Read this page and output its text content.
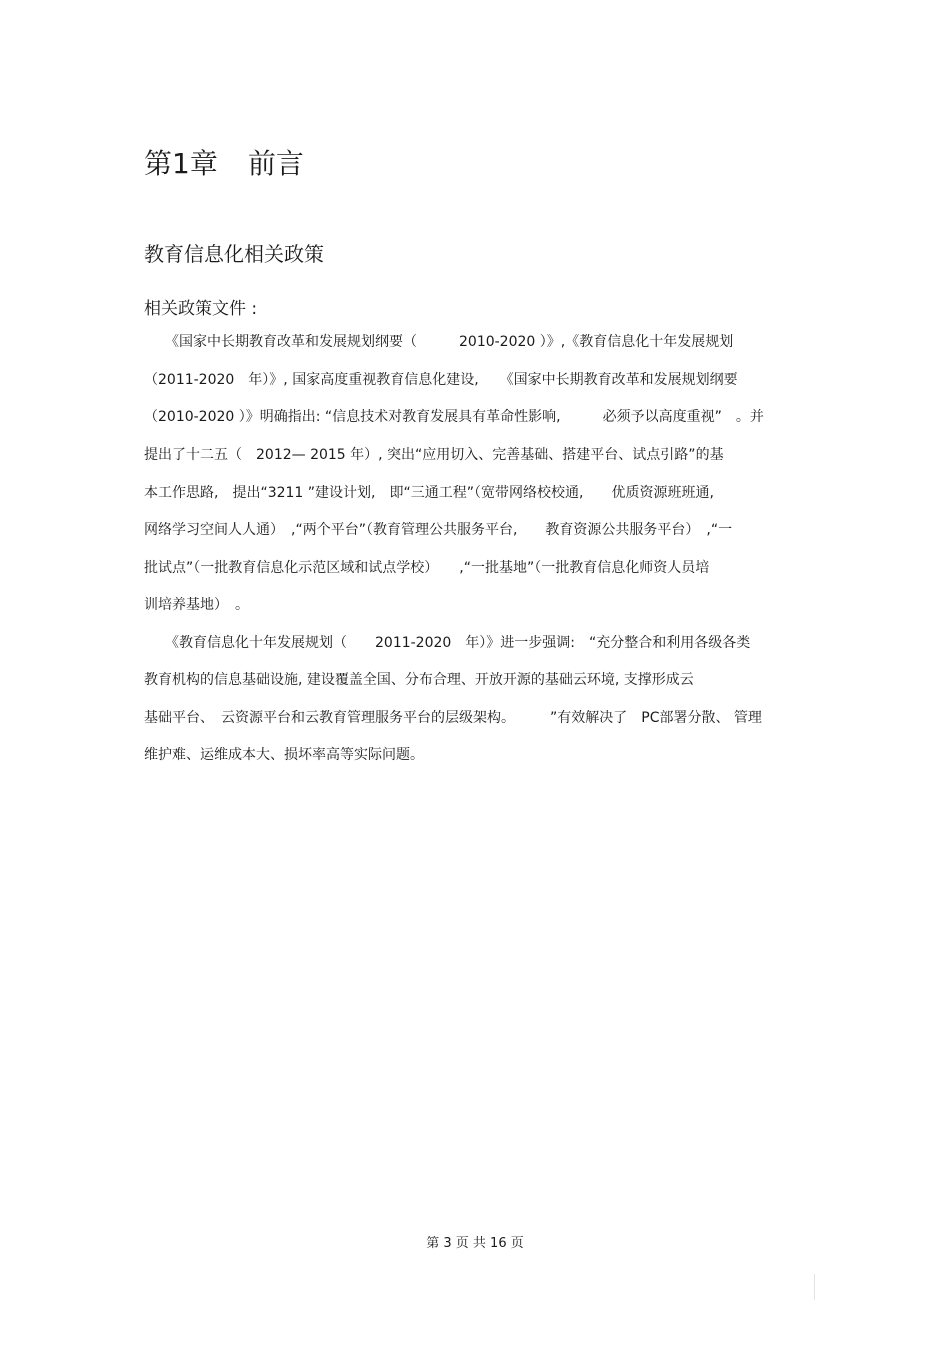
第1章 前言
教育信息化相关政策
相关政策文件 :
　　《国家中长期教育改革和发展规划纲要（　　　2010-2020 ）》,《教育信息化十年发展规划
（2011-2020　年）》, 国家高度重视教育信息化建设,　　《国家中长期教育改革和发展规划纲要
（2010-2020 ）》明确指出: “信息技术对教育发展具有革命性影响,　　　必须予以高度重视”　。并
提出了十二五（　2012— 2015 年）, 突出“应用切入、完善基础、搭建平台、试点引路”的基
本工作思路,　提出“3211 ”建设计划,　即“三通工程”（宽带网络校校通,　　优质资源班班通,
网络学习空间人人通）　,“两个平台”（教育管理公共服务平台,　　教育资源公共服务平台）　,“一
批试点”（一批教育信息化示范区域和试点学校）　　,“一批基地”（一批教育信息化师资人员培
训培养基地）　。
　　《教育信息化十年发展规划（　　2011-2020　年）》进一步强调:　“充分整合和利用各级各类
教育机构的信息基础设施, 建设覆盖全国、分布合理、开放开源的基础云环境, 支撑形成云
基础平台、　云资源平台和云教育管理服务平台的层级架构。　　　”有效解决了　PC部署分散、 管理
维护难、运维成本大、损坏率高等实际问题。
第 3 页 共 16 页
